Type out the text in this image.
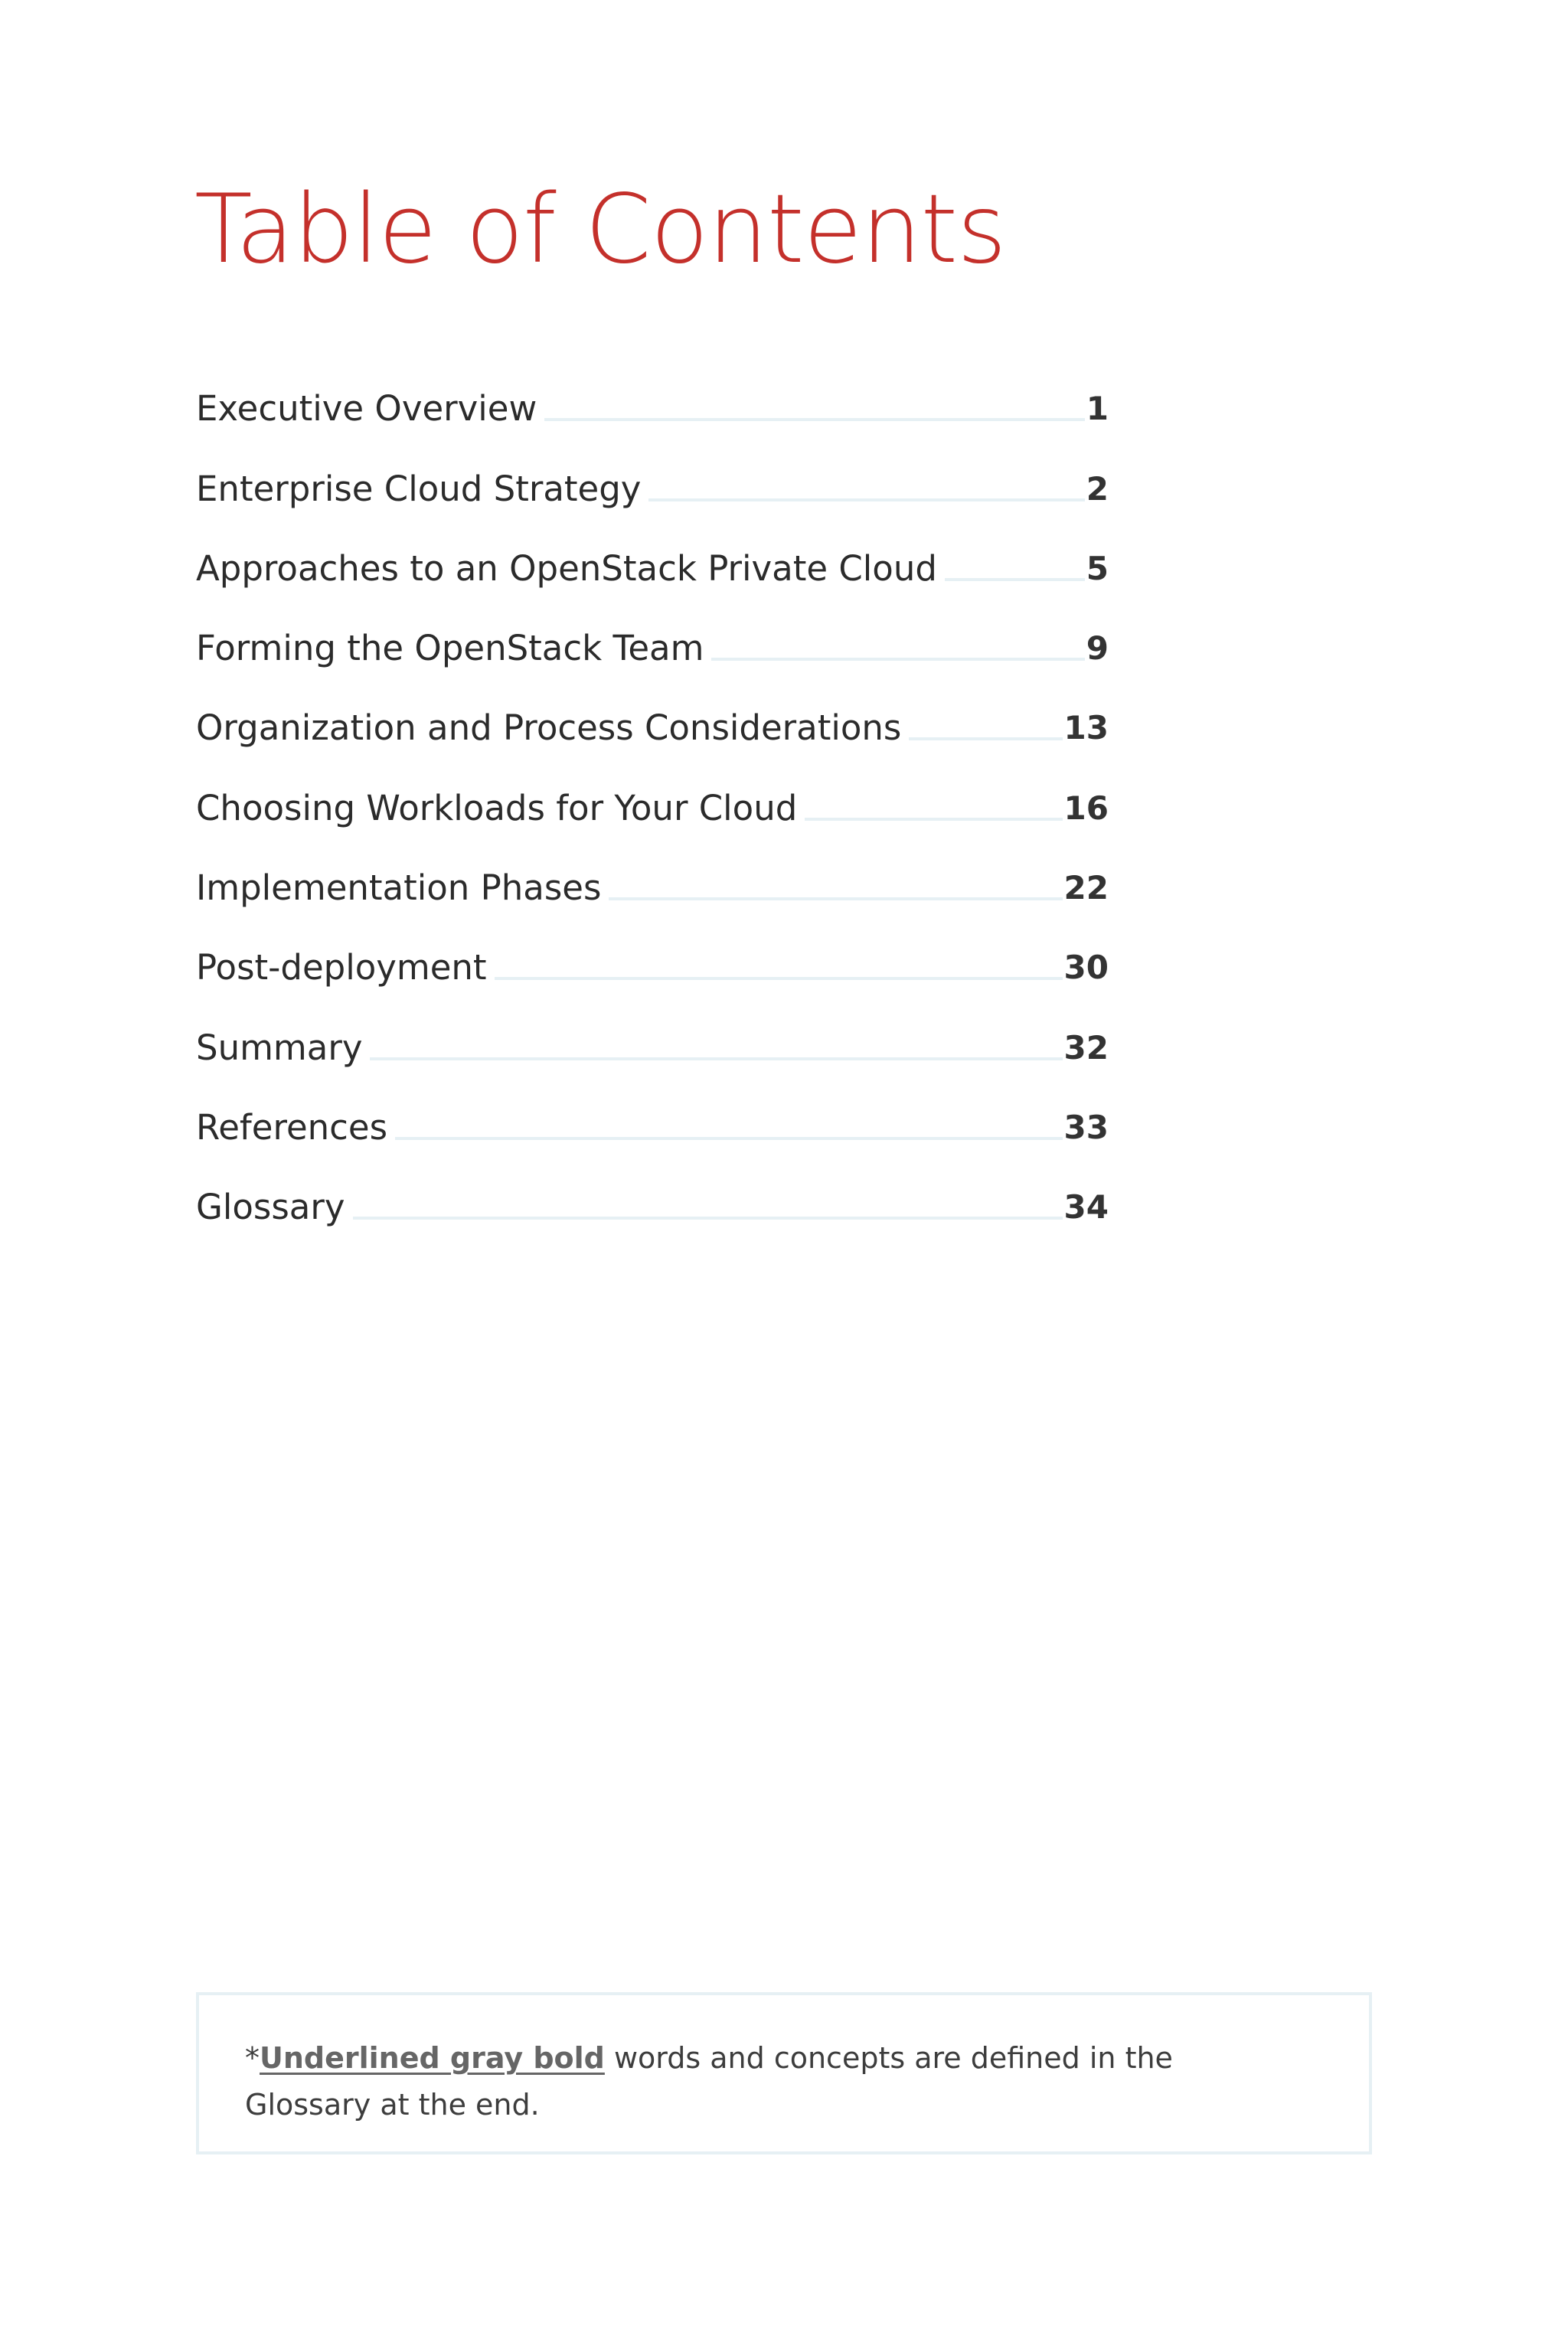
Table of Contents
Executive Overview	1
Enterprise Cloud Strategy	2
Approaches to an OpenStack Private Cloud	5
Forming the OpenStack Team	9
Organization and Process Considerations	13
Choosing Workloads for Your Cloud	16
Implementation Phases	22
Post-deployment	30
Summary	32
References	33
Glossary	34

*Underlined gray bold words and concepts are defined in the Glossary at the end.
